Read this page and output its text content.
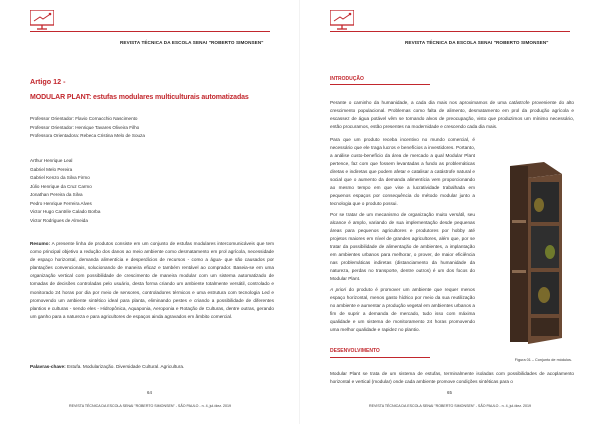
REVISTA TÉCNICA DA ESCOLA SENAI "ROBERTO SIMONSEN"
Artigo 12 -
MODULAR PLANT: estufas modulares multiculturais automatizadas
Professor Orientador: Flavio Cornacchio Nascimento
Professor Orientador: Henrique Tavares Oliveira Filho
Professora Orientadora: Rebeca Cristina Melo de Souza
Arthur Henrique Leal
Gabriel Melo Pereira
Gabriel Kenzo da Silva Firmo
Júlio Henrique da Cruz Carmo
Jonathan Pereira da Silva
Pedro Henrique Ferreira Alves
Victor Hugo Cantrile Calado Borba
Victor Rodrigues de Almeida
Resumo: A presente linha de produtos consiste em um conjunto de estufas modulares intercomunicáveis que tem como principal objetivo a redução dos danos ao meio ambiente como desmatamento em prol agrícola, necessidade de espaço horizontal, demanda alimentícia e desperdícios de recursos - como a água- que são causados por plantações convencionais, solucionando de maneira eficaz e também rentável ao comprador. Baseia-se em uma organização vertical com possibilidade de crescimento de maneira modular com um sistema automatizado de tomadas de decisões controladas pelo usuário, desta forma criando um ambiente totalmente versátil, controlado e monitorado 24 horas por dia por meio de sensores, controladores térmicos e uma estrutura com tecnologia Led e promovendo um ambiente sintético ideal para planta, eliminando pestes e criando a possibilidade de diferentes plantios e culturas - sendo eles - Hidropônica, Aquaponia, Aeroponia e Rotação de Culturas, dentre outras, gerando um ganho para a natureza e para agricultores de espaços ainda agravados em âmbito comercial.
Palavras-chave: Estufa. Modularização. Diversidade Cultural. Agricultura.
64
REVISTA TÉCNICA DA ESCOLA SENAI "ROBERTO SIMONSEN" - SÃO PAULO - n. 4, jul./dez. 2019
REVISTA TÉCNICA DA ESCOLA SENAI "ROBERTO SIMONSEN"
INTRODUÇÃO

Perante o caminho da humanidade, a cada dia mais nos aproximamos de uma catástrofe proveniente do alto crescimento populacional. Problemas como falta de alimento, desmatamento em prol da produção agrícola e escassez de água potável vêm se tornando alvos de preocupação, visto que produzimos um mínimo necessário, então procuramos, estão presentes na modernidade e crescendo cada dia mais.

Para que um produto receba incentivo no mundo comercial, é necessário que ele traga lucros e benefícios a investidores. Portanto, a análise custo-benefício da área de mercado a qual Modular Plant pertence, faz com que fossem levantadas a fundo as problemáticas diretas e indiretas que podem afetar e catalisar a catástrofe natural e social que o aumento da demanda alimentícia vem proporcionando ao mesmo tempo em que vise a lucratividade trabalhada em pequenos espaços por consequência do método modular junto a tecnologia que o produto possui.

Por se tratar de um mecanismo de organização muito versátil, seu alcance é amplo, variando de sua implementação desde pequenas áreas para pequenos agricultores e produtores por hobby até projetos maiores em nível de grandes agricultores, além que, por se tratar da possibilidade de alimentação de ambientes, a implantação em ambientes urbanos para melhorar, o prover, de maior eficiência nas problemáticas indiretas (distanciamento da humanidade da natureza, perdas no transporte, dentre outros) é um dos focos do Modular Plant.

A priori do produto é promover um ambiente que requer menos espaço horizontal, menos gasto hídrico por meio da sua reutilização no ambiente e aumentar a produção vegetal em ambientes urbanos a fim de suprir a demanda de mercado, tudo isso com máxima qualidade e um sistema de monitoramento 24 horas promovendo uma melhor qualidade e rapidez no plantio.

Figura 01 – Conjunto de módulos.
DESENVOLVIMENTO
Modular Plant se trata de um sistema de estufas, terminalmente isoladas com possibilidades de acoplamento horizontal e vertical (modular) onde cada ambiente promove condições sintéticas para o
65
REVISTA TÉCNICA DA ESCOLA SENAI "ROBERTO SIMONSEN" - SÃO PAULO - n. 4, jul./dez. 2019
